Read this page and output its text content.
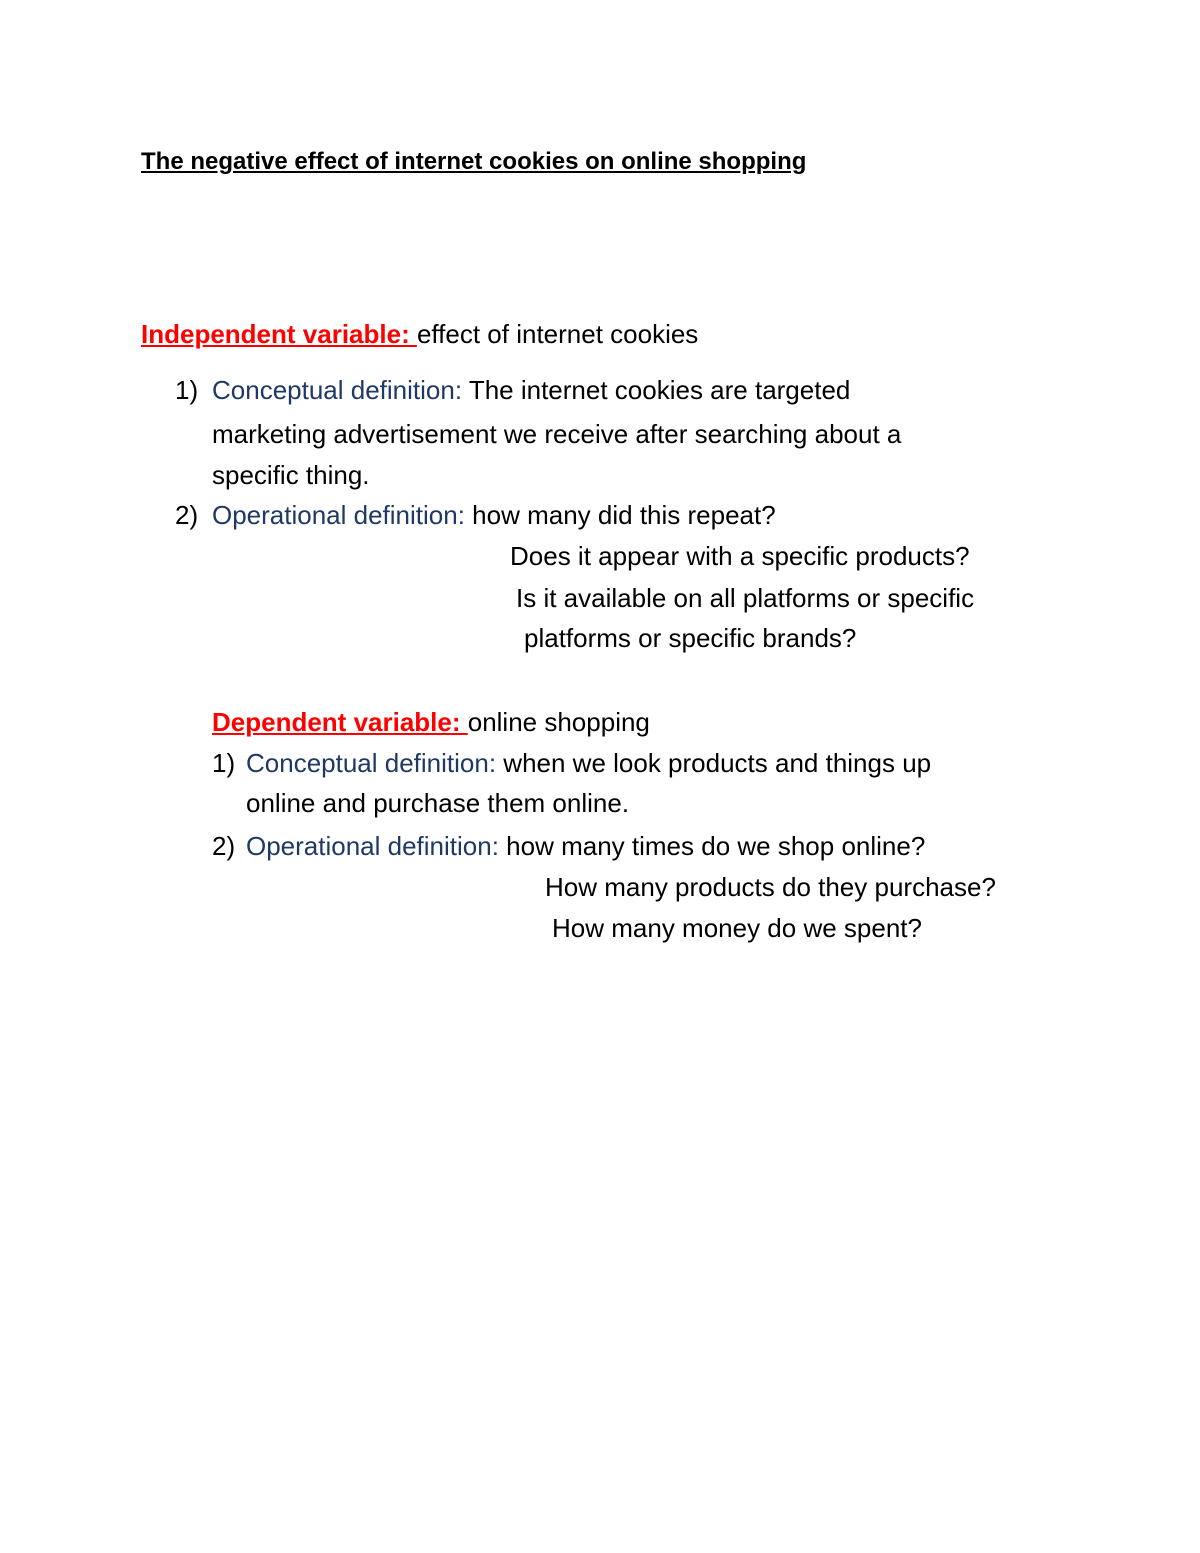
The negative effect of internet cookies on online shopping
Independent variable: effect of internet cookies
1) Conceptual definition: The internet cookies are targeted
marketing advertisement we receive after searching about a
specific thing.
2) Operational definition: how many did this repeat?
Does it appear with a specific products?
Is it available on all platforms or specific
platforms or specific brands?
Dependent variable: online shopping
1) Conceptual definition: when we look products and things up
online and purchase them online.
2) Operational definition: how many times do we shop online?
How many products do they purchase?
How many money do we spent?
